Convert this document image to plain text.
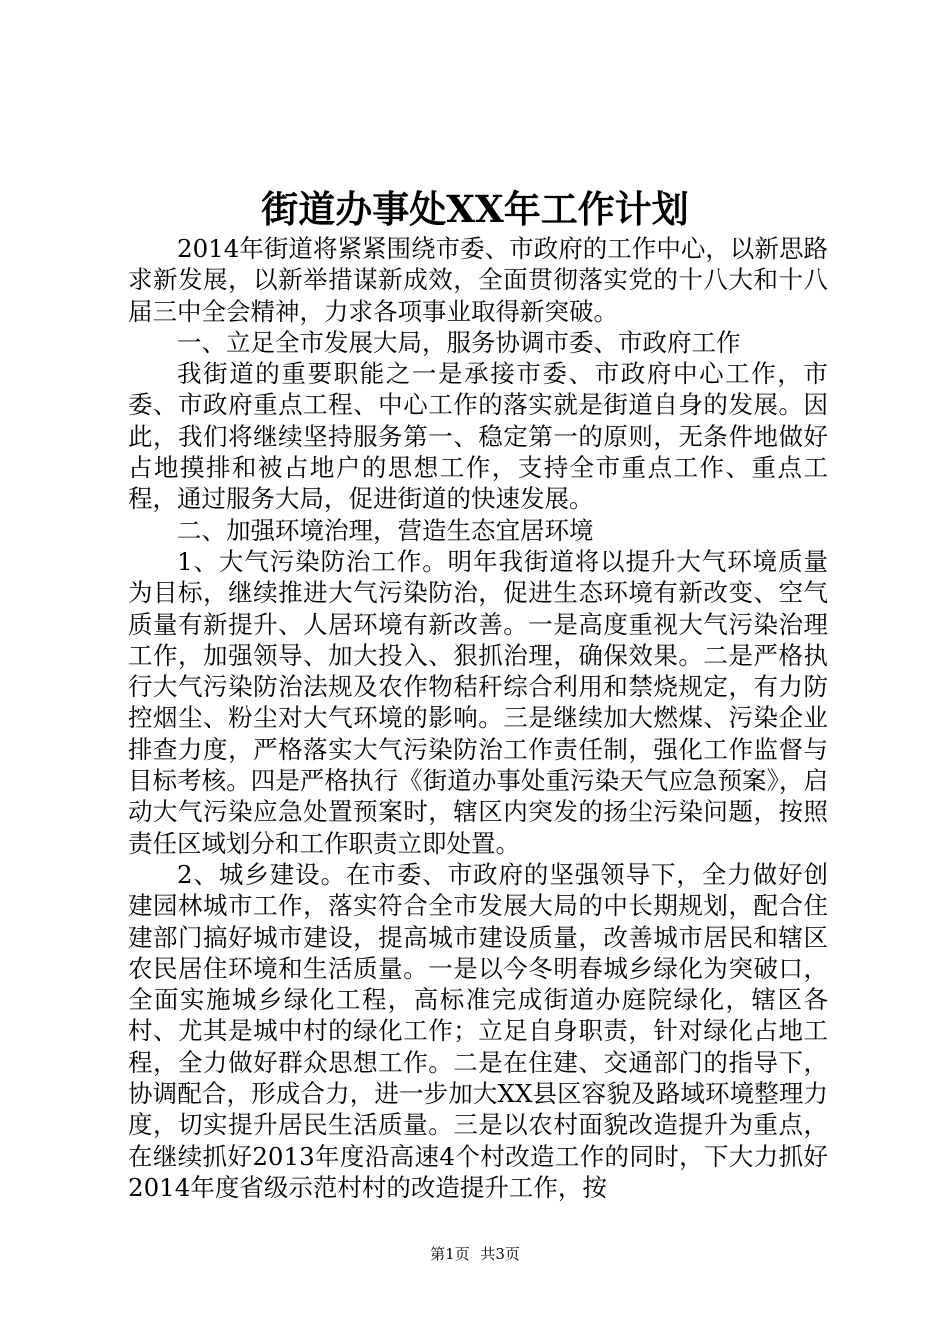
街道办事处XX年工作计划

2014年街道将紧紧围绕市委、市政府的工作中心，以新思路求新发展，以新举措谋新成效，全面贯彻落实党的十八大和十八届三中全会精神，力求各项事业取得新突破。

一、立足全市发展大局，服务协调市委、市政府工作

我街道的重要职能之一是承接市委、市政府中心工作，市委、市政府重点工程、中心工作的落实就是街道自身的发展。因此，我们将继续坚持服务第一、稳定第一的原则，无条件地做好占地摸排和被占地户的思想工作，支持全市重点工作、重点工程，通过服务大局，促进街道的快速发展。

二、加强环境治理，营造生态宜居环境

1、大气污染防治工作。明年我街道将以提升大气环境质量为目标，继续推进大气污染防治，促进生态环境有新改变、空气质量有新提升、人居环境有新改善。一是高度重视大气污染治理工作，加强领导、加大投入、狠抓治理，确保效果。二是严格执行大气污染防治法规及农作物秸秆综合利用和禁烧规定，有力防控烟尘、粉尘对大气环境的影响。三是继续加大燃煤、污染企业排查力度，严格落实大气污染防治工作责任制，强化工作监督与目标考核。四是严格执行《街道办事处重污染天气应急预案》，启动大气污染应急处置预案时，辖区内突发的扬尘污染问题，按照责任区域划分和工作职责立即处置。

2、城乡建设。在市委、市政府的坚强领导下，全力做好创建园林城市工作，落实符合全市发展大局的中长期规划，配合住建部门搞好城市建设，提高城市建设质量，改善城市居民和辖区农民居住环境和生活质量。一是以今冬明春城乡绿化为突破口，全面实施城乡绿化工程，高标准完成街道办庭院绿化，辖区各村、尤其是城中村的绿化工作；立足自身职责，针对绿化占地工程，全力做好群众思想工作。二是在住建、交通部门的指导下，协调配合，形成合力，进一步加大XX县区容貌及路域环境整理力度，切实提升居民生活质量。三是以农村面貌改造提升为重点，在继续抓好2013年度沿高速4个村改造工作的同时，下大力抓好2014年度省级示范村村的改造提升工作，按

第1页 共3页
